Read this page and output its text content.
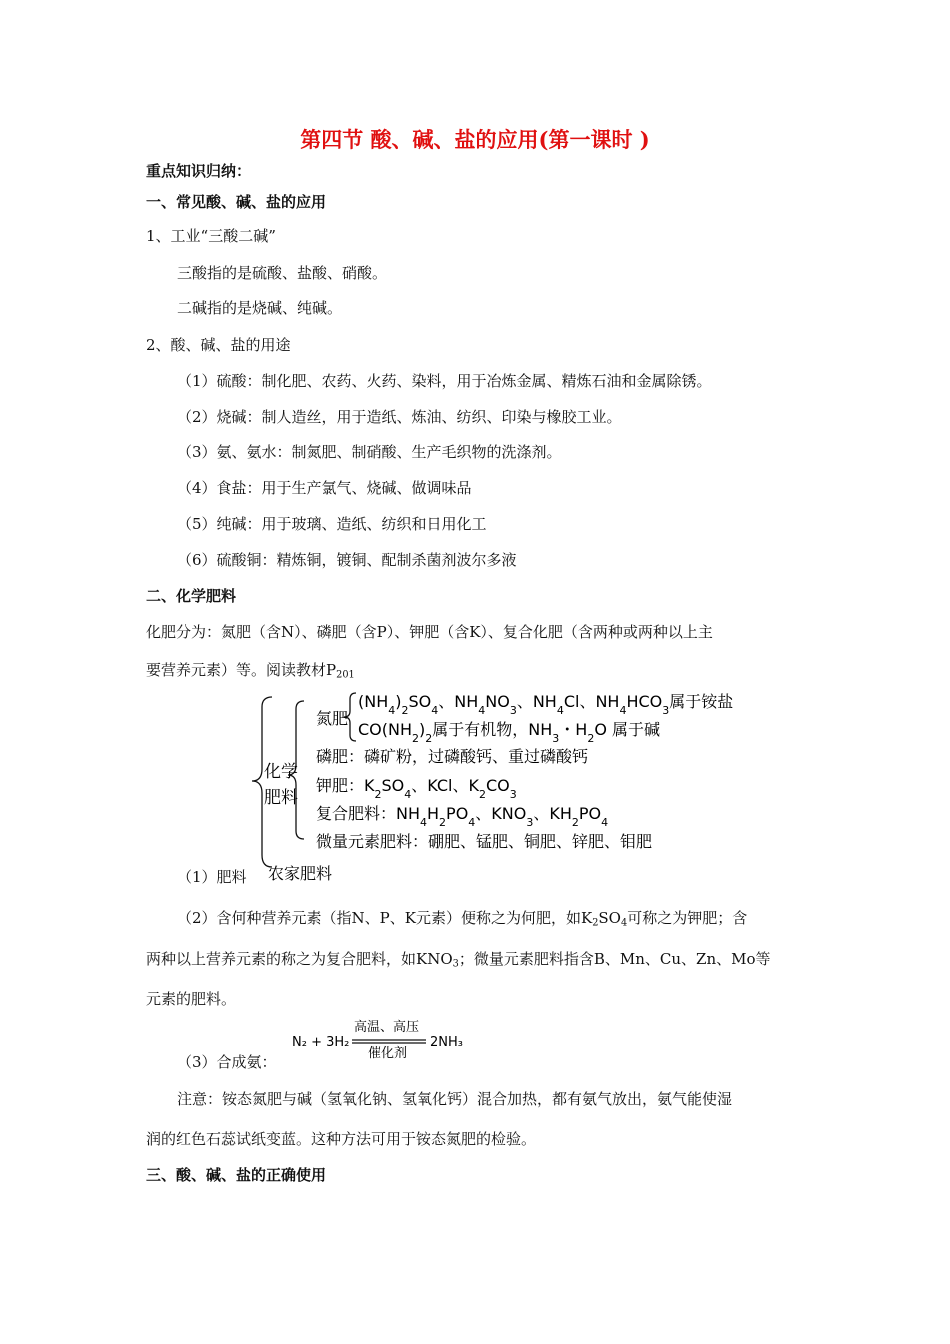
第四节 酸、碱、盐的应用(第一课时 )
重点知识归纳：
一、常见酸、碱、盐的应用
1、工业“三酸二碱”
三酸指的是硫酸、盐酸、硝酸。
二碱指的是烧碱、纯碱。
2、酸、碱、盐的用途
（1）硫酸：制化肥、农药、火药、染料，用于冶炼金属、精炼石油和金属除锈。
（2）烧碱：制人造丝，用于造纸、炼油、纺织、印染与橡胶工业。
（3）氨、氨水：制氮肥、制硝酸、生产毛织物的洗涤剂。
（4）食盐：用于生产氯气、烧碱、做调味品
（5）纯碱：用于玻璃、造纸、纺织和日用化工
（6）硫酸铜：精炼铜，镀铜、配制杀菌剂波尔多液
二、化学肥料
化肥分为：氮肥（含N）、磷肥（含P）、钾肥（含K）、复合化肥（含两种或两种以上主
要营养元素）等。阅读教材$P_{201}$
化学
肥料
氮肥
$(NH_4)_2SO_4$、$NH_4NO_3$、$NH_4Cl$、$NH_4HCO_3$属于铵盐
$CO(NH_2)_2$属于有机物，$NH_3$・$H_2O$ 属于碱
磷肥：磷矿粉，过磷酸钙、重过磷酸钙
钾肥：$K_2SO_4$、KCl、$K_2CO_3$
复合肥料：$NH_4H_2PO_4$、$KNO_3$、$KH_2PO_4$
微量元素肥料：硼肥、锰肥、铜肥、锌肥、钼肥
农家肥料
（1）肥料
（2）含何种营养元素（指N、P、K元素）便称之为何肥，如$K_2SO_4$可称之为钾肥；含
两种以上营养元素的称之为复合肥料，如$KNO_3$；微量元素肥料指含B、Mn、Cu、Zn、Mo等
元素的肥料。
（3）合成氨：
N₂ + 3H₂
高温、高压
催化剂
2NH₃
注意：铵态氮肥与碱（氢氧化钠、氢氧化钙）混合加热，都有氨气放出，氨气能使湿
润的红色石蕊试纸变蓝。这种方法可用于铵态氮肥的检验。
三、酸、碱、盐的正确使用
